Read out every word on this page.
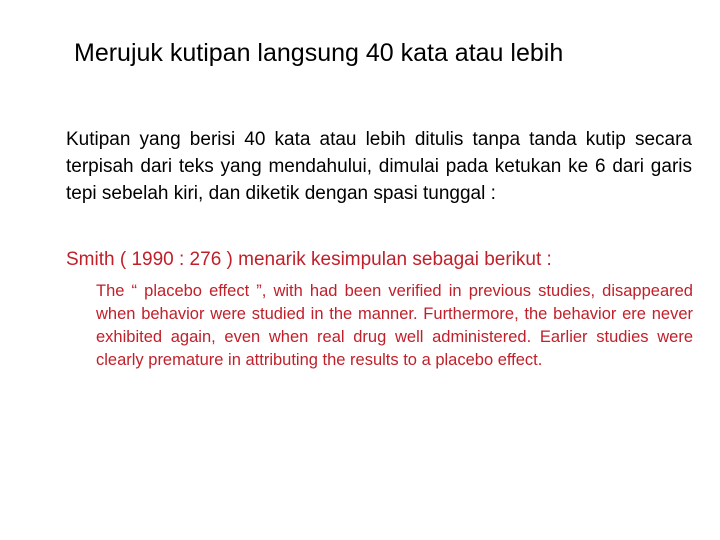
Merujuk kutipan langsung 40 kata atau lebih
Kutipan yang berisi 40 kata atau lebih ditulis tanpa tanda kutip secara terpisah dari teks yang mendahului, dimulai pada ketukan ke 6 dari garis tepi sebelah kiri, dan diketik dengan spasi tunggal :
Smith ( 1990 : 276 ) menarik kesimpulan sebagai berikut :
The “ placebo effect ”, with had been verified in previous studies, disappeared when behavior were studied in the manner. Furthermore, the behavior ere never exhibited again, even when real drug well administered. Earlier studies were clearly premature in attributing the results to a placebo effect.
